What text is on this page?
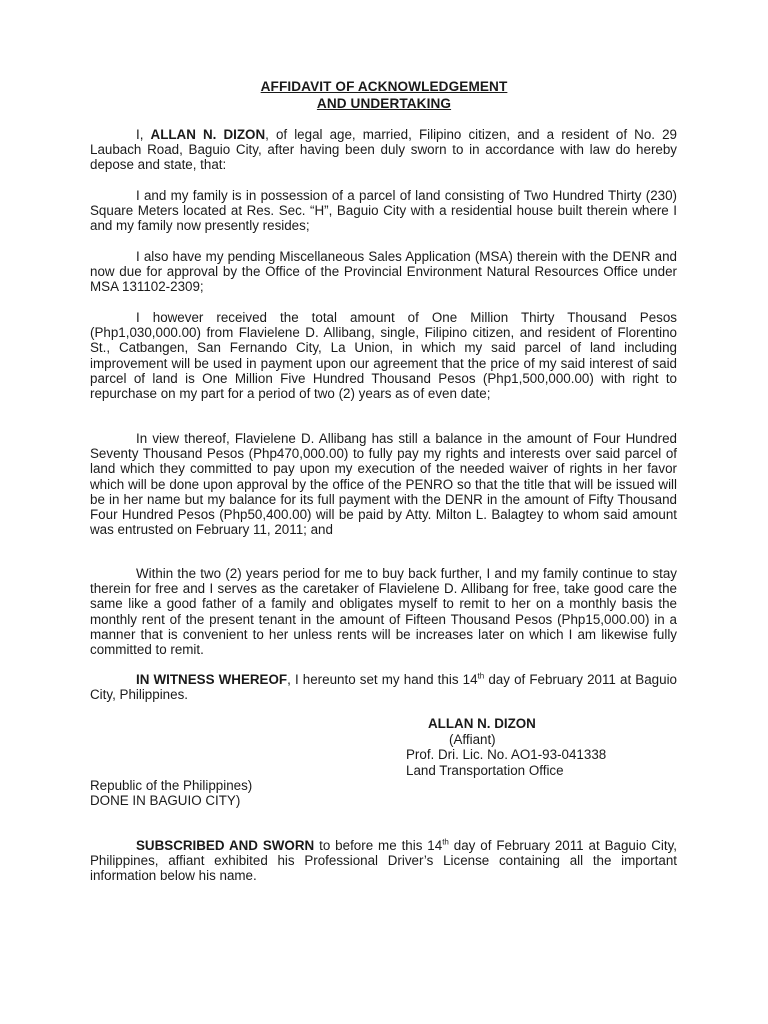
AFFIDAVIT OF ACKNOWLEDGEMENT
AND UNDERTAKING

I, ALLAN N. DIZON, of legal age, married, Filipino citizen, and a resident of No. 29 Laubach Road, Baguio City, after having been duly sworn to in accordance with law do hereby depose and state, that:

I and my family is in possession of a parcel of land consisting of Two Hundred Thirty (230) Square Meters located at Res. Sec. “H”, Baguio City with a residential house built therein where I and my family now presently resides;

I also have my pending Miscellaneous Sales Application (MSA) therein with the DENR and now due for approval by the Office of the Provincial Environment Natural Resources Office under MSA 131102-2309;

I however received the total amount of One Million Thirty Thousand Pesos (Php1,030,000.00) from Flavielene D. Allibang, single, Filipino citizen, and resident of Florentino St., Catbangen, San Fernando City, La Union, in which my said parcel of land including improvement will be used in payment upon our agreement that the price of my said interest of said parcel of land is One Million Five Hundred Thousand Pesos (Php1,500,000.00) with right to repurchase on my part for a period of two (2) years as of even date;

In view thereof, Flavielene D. Allibang has still a balance in the amount of Four Hundred Seventy Thousand Pesos (Php470,000.00) to fully pay my rights and interests over said parcel of land which they committed to pay upon my execution of the needed waiver of rights in her favor which will be done upon approval by the office of the PENRO so that the title that will be issued will be in her name but my balance for its full payment with the DENR in the amount of Fifty Thousand Four Hundred Pesos (Php50,400.00) will be paid by Atty. Milton L. Balagtey to whom said amount was entrusted on February 11, 2011; and

Within the two (2) years period for me to buy back further, I and my family continue to stay therein for free and I serves as the caretaker of Flavielene D. Allibang for free, take good care the same like a good father of a family and obligates myself to remit to her on a monthly basis the monthly rent of the present tenant in the amount of Fifteen Thousand Pesos (Php15,000.00) in a manner that is convenient to her unless rents will be increases later on which I am likewise fully committed to remit.

IN WITNESS WHEREOF, I hereunto set my hand this 14th day of February 2011 at Baguio City, Philippines.

ALLAN N. DIZON
(Affiant)
Prof. Dri. Lic. No. AO1-93-041338
Land Transportation Office
Republic of the Philippines)
DONE IN BAGUIO CITY)

SUBSCRIBED AND SWORN to before me this 14th day of February 2011 at Baguio City, Philippines, affiant exhibited his Professional Driver’s License containing all the important information below his name.
